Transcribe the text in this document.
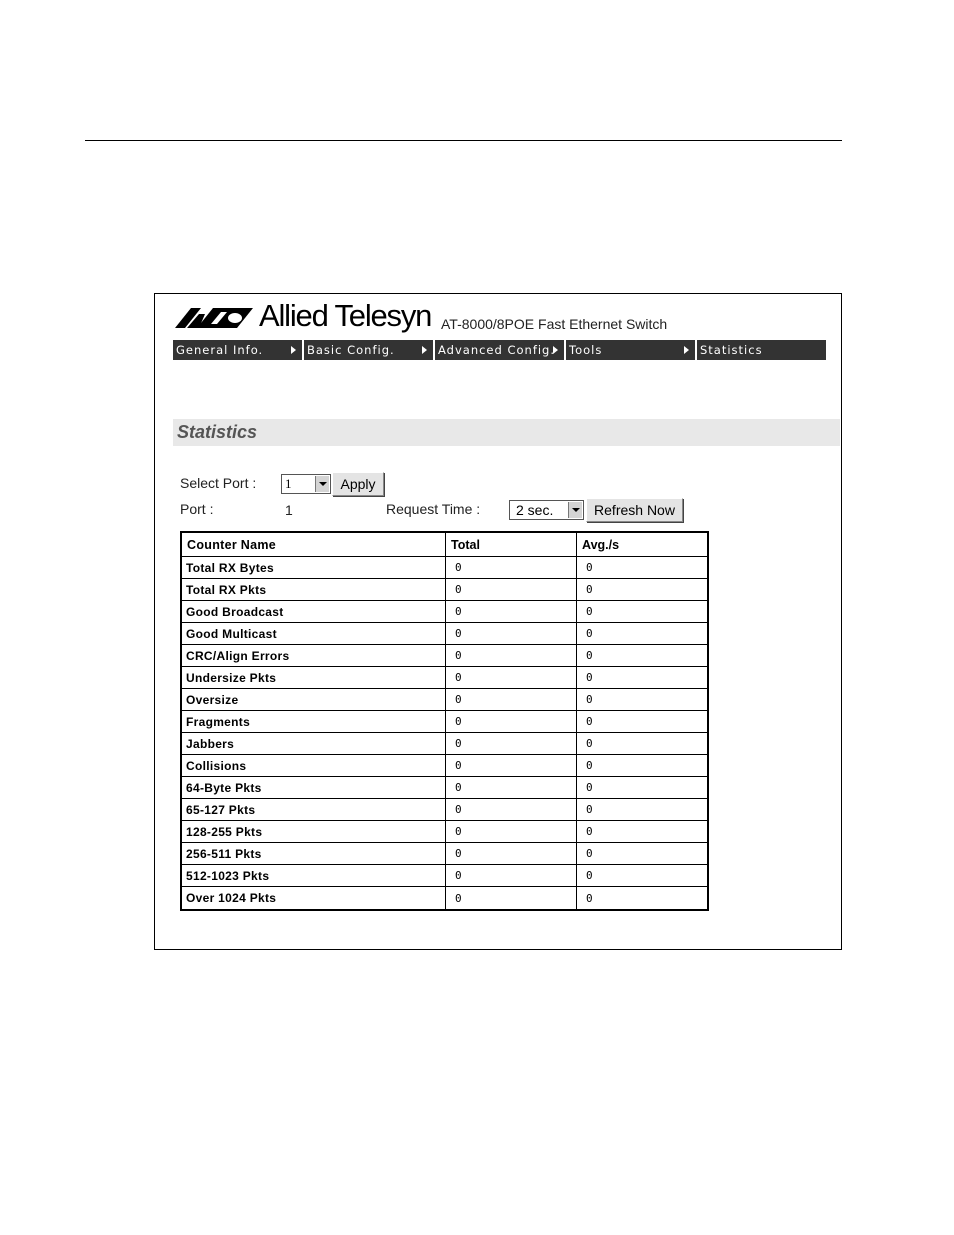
Allied Telesyn AT-8000/8POE Fast Ethernet Switch
General Info.	Basic Config.	Advanced Config.	Tools	Statistics
Statistics
Select Port : 1	Apply
Port :	1	Request Time :	2 sec.	Refresh Now
Counter Name	Total	Avg./s
Total RX Bytes	0	0
Total RX Pkts	0	0
Good Broadcast	0	0
Good Multicast	0	0
CRC/Align Errors	0	0
Undersize Pkts	0	0
Oversize	0	0
Fragments	0	0
Jabbers	0	0
Collisions	0	0
64-Byte Pkts	0	0
65-127 Pkts	0	0
128-255 Pkts	0	0
256-511 Pkts	0	0
512-1023 Pkts	0	0
Over 1024 Pkts	0	0
